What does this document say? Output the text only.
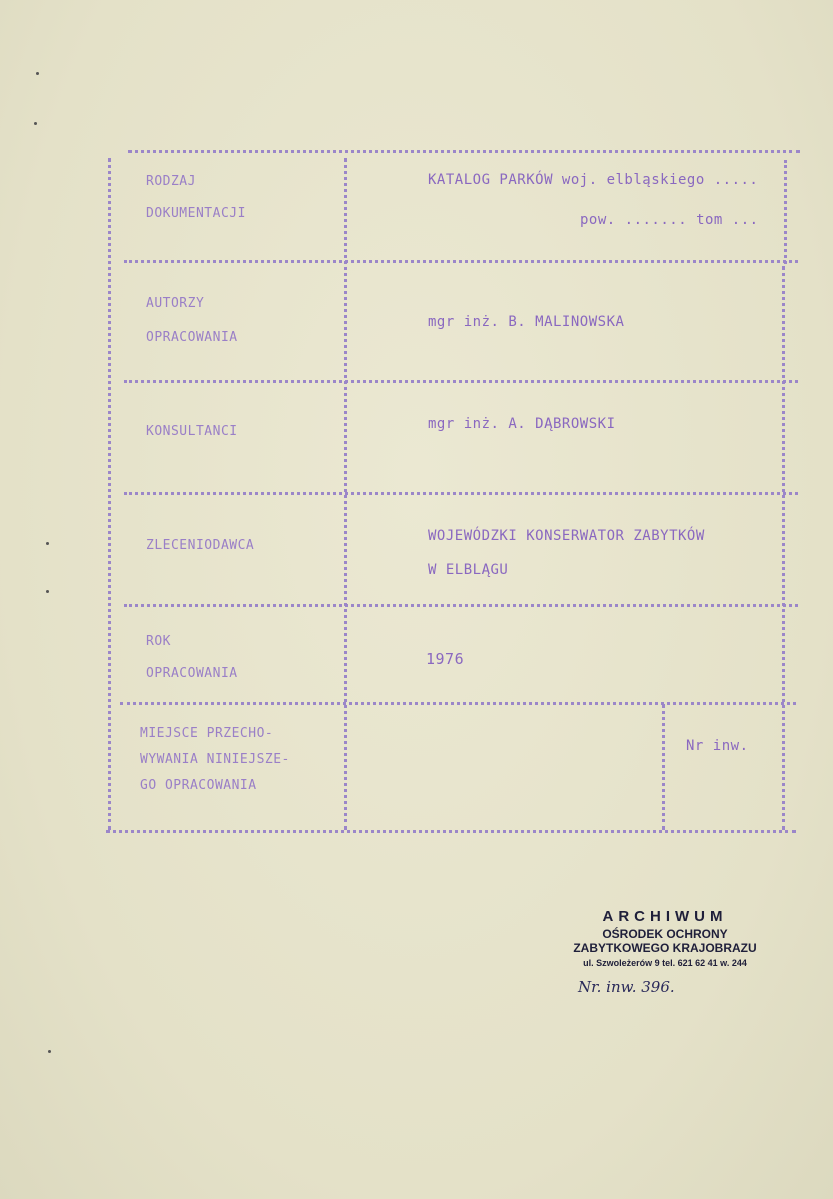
RODZAJ
DOKUMENTACJI
KATALOG PARKÓW woj. elbląskiego .....
pow. ....... tom ...
AUTORZY
OPRACOWANIA
mgr inż. B. MALINOWSKA
KONSULTANCI	mgr inż. A. DĄBROWSKI
ZLECENIODAWCA
WOJEWÓDZKI KONSERWATOR ZABYTKÓW
W ELBLĄGU
ROK
OPRACOWANIA
1976
MIEJSCE PRZECHO-
WYWANIA NINIEJSZE-
GO OPRACOWANIA
Nr inw.
ARCHIWUM
OŚRODEK OCHRONY
ZABYTKOWEGO KRAJOBRAZU
ul. Szwoleżerów 9 tel. 621 62 41 w. 244
Nr. inw. 396.
